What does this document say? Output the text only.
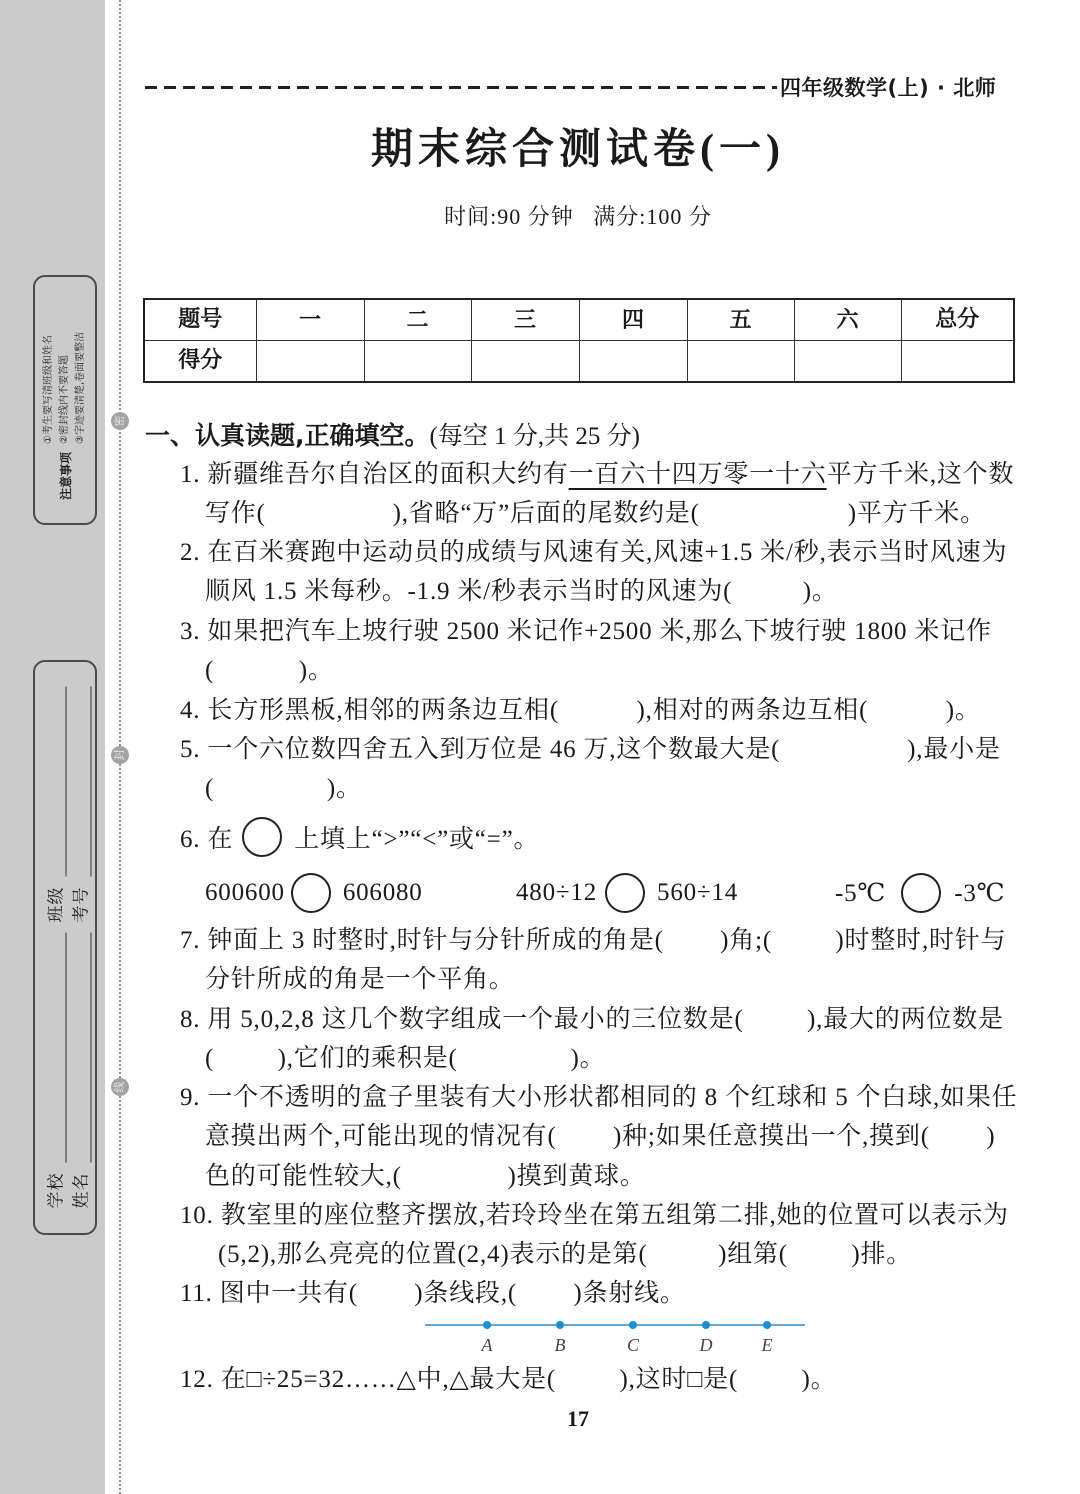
密
封
线
注意事项
①考生要写清班级和姓名 ②密封线内不要答题 ③字迹要清楚,卷面要整洁
学校
班级
姓名
考号
四年级数学(上) · 北师
期末综合测试卷(一)
时间:90 分钟   满分:100 分
题号	一	二	三	四	五	六	总分
得分							
一、认真读题,正确填空。(每空 1 分,共 25 分)
1. 新疆维吾尔自治区的面积大约有一百六十四万零一十六平方千米,这个数
写作(                  ),省略“万”后面的尾数约是(                     )平方千米。
2. 在百米赛跑中运动员的成绩与风速有关,风速+1.5 米/秒,表示当时风速为
顺风 1.5 米每秒。-1.9 米/秒表示当时的风速为(          )。
3. 如果把汽车上坡行驶 2500 米记作+2500 米,那么下坡行驶 1800 米记作
(            )。
4. 长方形黑板,相邻的两条边互相(           ),相对的两条边互相(           )。
5. 一个六位数四舍五入到万位是 46 万,这个数最大是(                  ),最小是
(                )。
6. 在 上填上“>”“<”或“=”。
600600 606080	480÷12 560÷14	-5℃	-3℃
7. 钟面上 3 时整时,时针与分针所成的角是(        )角;(         )时整时,时针与
分针所成的角是一个平角。
8. 用 5,0,2,8 这几个数字组成一个最小的三位数是(         ),最大的两位数是
(         ),它们的乘积是(                )。
9. 一个不透明的盒子里装有大小形状都相同的 8 个红球和 5 个白球,如果任
意摸出两个,可能出现的情况有(        )种;如果任意摸出一个,摸到(        )
色的可能性较大,(               )摸到黄球。
10. 教室里的座位整齐摆放,若玲玲坐在第五组第二排,她的位置可以表示为
(5,2),那么亮亮的位置(2,4)表示的是第(          )组第(         )排。
11. 图中一共有(        )条线段,(        )条射线。
A	B	C	D	E
12. 在□÷25=32……△中,△最大是(         ),这时□是(         )。
17
